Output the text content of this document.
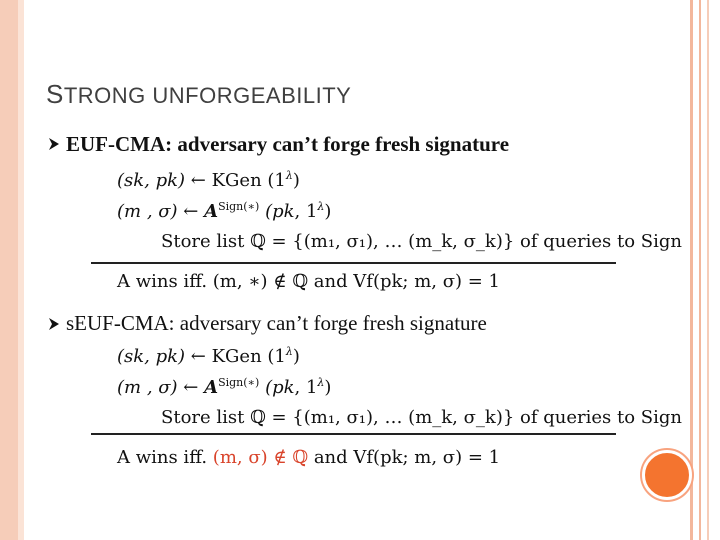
STRONG UNFORGEABILITY
EUF-CMA: adversary can’t forge fresh signature
(sk, pk) ← KGen $(1^\lambda)$
(m , σ) ← $A^{Sign(∗)}$ (pk, $1^\lambda$)
Store list ℚ = {(m₁, σ₁), … (m_k, σ_k)} of queries to Sign
A wins iff. (m, ∗) ∉ ℚ and Vf(pk; m, σ) = 1
sEUF-CMA: adversary can’t forge fresh signature
(sk, pk) ← KGen $(1^\lambda)$
(m , σ) ← $A^{Sign(∗)}$ (pk, $1^\lambda$)
Store list ℚ = {(m₁, σ₁), … (m_k, σ_k)} of queries to Sign
A wins iff. (m, σ) ∉ ℚ and Vf(pk; m, σ) = 1
